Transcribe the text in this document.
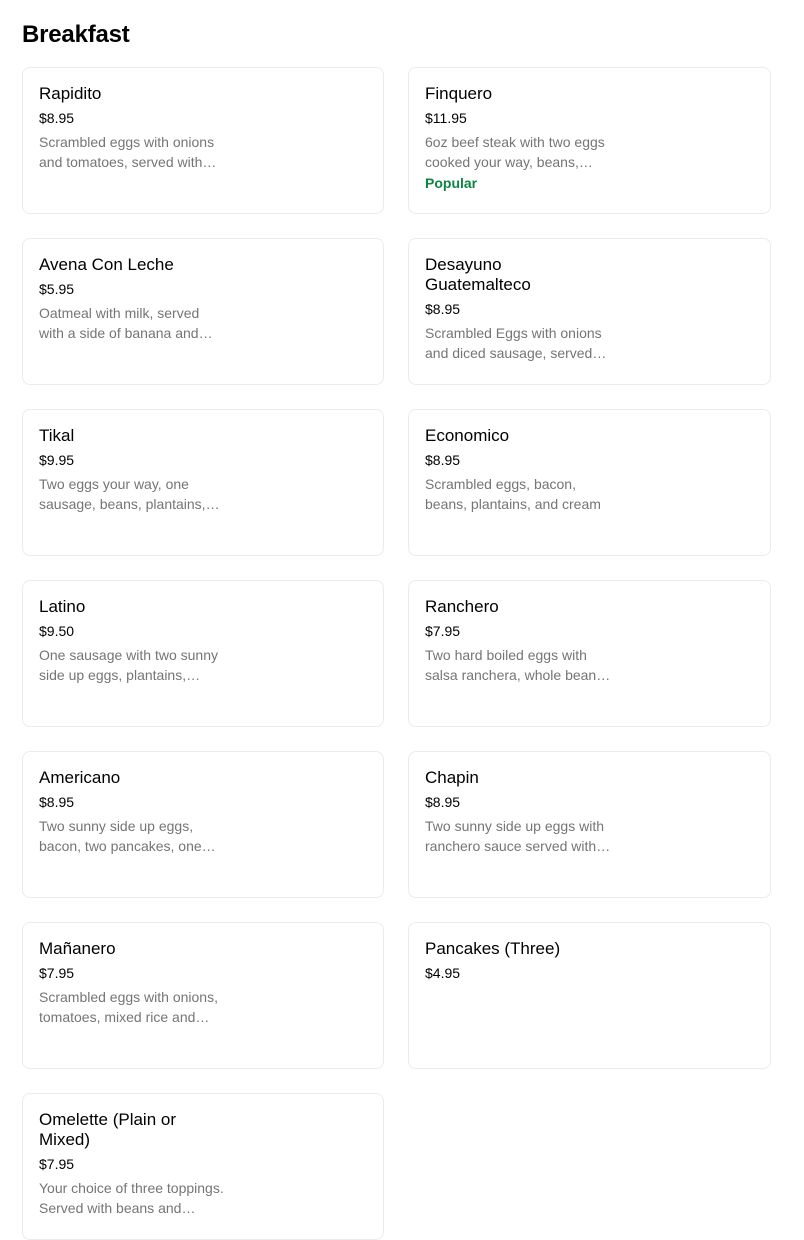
Breakfast
Rapidito
$8.95
Scrambled eggs with onions and tomatoes, served with
Finquero
$11.95
6oz beef steak with two eggs cooked your way, beans,
Popular
Avena Con Leche
$5.95
Oatmeal with milk, served with a side of banana and
Desayuno Guatemalteco
$8.95
Scrambled Eggs with onions and diced sausage, served
Tikal
$9.95
Two eggs your way, one sausage, beans, plantains,
Economico
$8.95
Scrambled eggs, bacon, beans, plantains, and cream
Latino
$9.50
One sausage with two sunny side up eggs, plantains,
Ranchero
$7.95
Two hard boiled eggs with salsa ranchera, whole beans,
Americano
$8.95
Two sunny side up eggs, bacon, two pancakes, one
Chapin
$8.95
Two sunny side up eggs with ranchero sauce served with
Mañanero
$7.95
Scrambled eggs with onions, tomatoes, mixed rice and
Pancakes (Three)
$4.95
Omelette (Plain or Mixed)
$7.95
Your choice of three toppings. Served with beans and
